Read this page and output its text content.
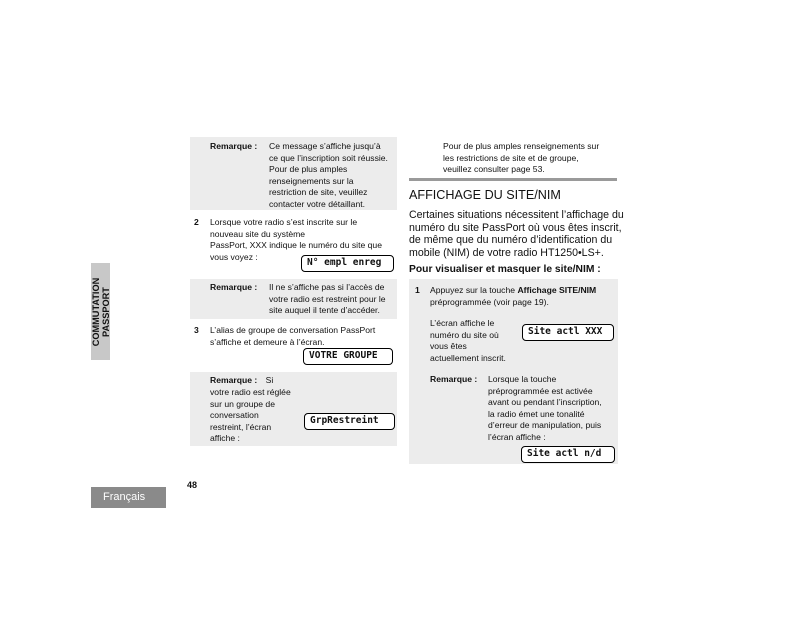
COMMUTATION PASSPORT
Français
48
Remarque : Ce message s’affiche jusqu’à
ce que l’inscription soit réussie.
Pour de plus amples
renseignements sur la
restriction de site, veuillez
contacter votre détaillant.
2 Lorsque votre radio s’est inscrite sur le
nouveau site du système
PassPort, XXX indique le numéro du site que
vous voyez :
N° empl enreg
Remarque : Il ne s’affiche pas si l’accès de
votre radio est restreint pour le
site auquel il tente d’accéder.
3 L’alias de groupe de conversation PassPort
s’affiche et demeure à l’écran.
VOTRE GROUPE
Remarque : Si
votre radio est réglée
sur un groupe de
conversation
restreint, l’écran
affiche :
GrpRestreint
Pour de plus amples renseignements sur
les restrictions de site et de groupe,
veuillez consulter page 53.
AFFICHAGE DU SITE/NIM
Certaines situations nécessitent l’affichage du
numéro du site PassPort où vous êtes inscrit,
de même que du numéro d’identification du
mobile (NIM) de votre radio HT1250•LS+.
Pour visualiser et masquer le site/NIM :
1 Appuyez sur la touche Affichage SITE/NIM
préprogrammée (voir page 19).
L’écran affiche le
numéro du site où
vous êtes
actuellement inscrit.
Site actl XXX
Remarque : Lorsque la touche
préprogrammée est activée
avant ou pendant l’inscription,
la radio émet une tonalité
d’erreur de manipulation, puis
l’écran affiche :
Site actl n/d
